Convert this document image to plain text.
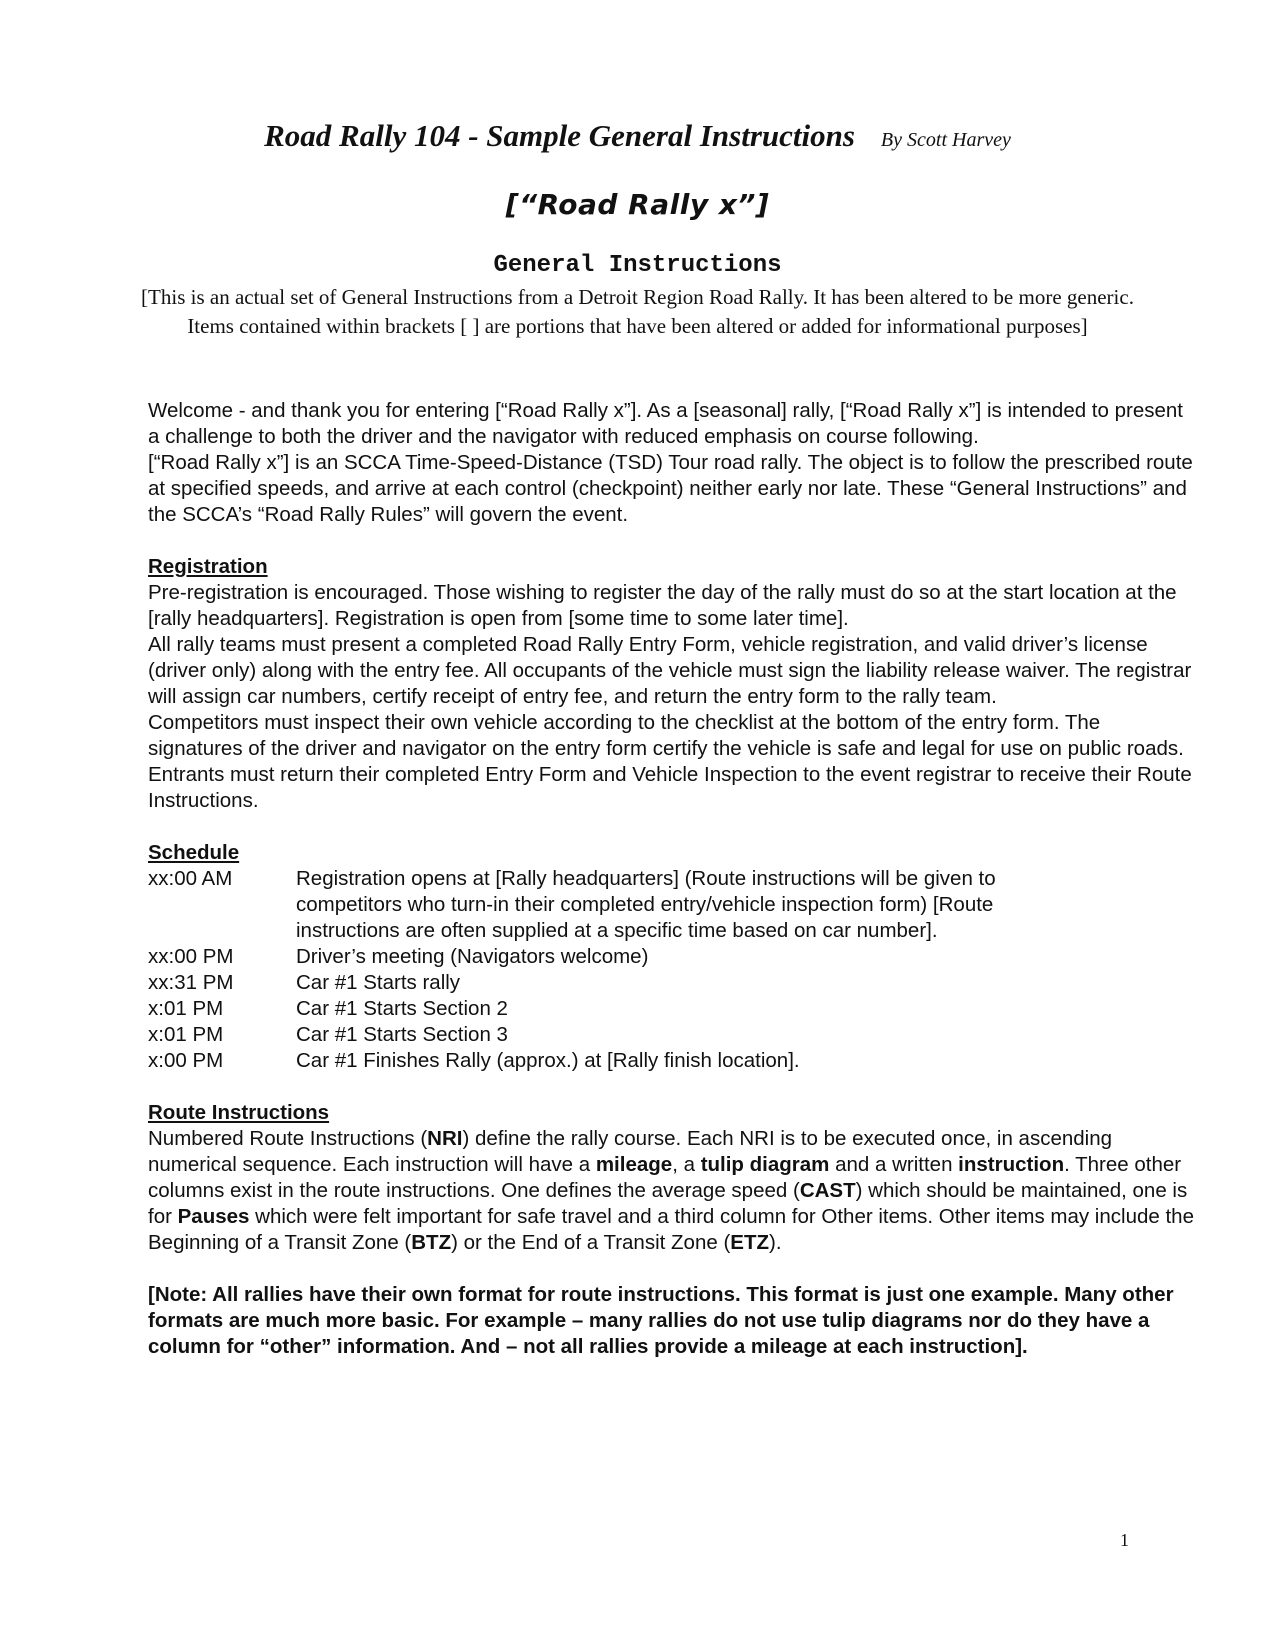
Road Rally 104 - Sample General Instructions By Scott Harvey
[“Road Rally x”]
General Instructions
[This is an actual set of General Instructions from a Detroit Region Road Rally. It has been altered to be more generic. Items contained within brackets [ ] are portions that have been altered or added for informational purposes]

Welcome - and thank you for entering [“Road Rally x”]. As a [seasonal] rally, [“Road Rally x”] is intended to present a challenge to both the driver and the navigator with reduced emphasis on course following.

[“Road Rally x”] is an SCCA Time-Speed-Distance (TSD) Tour road rally. The object is to follow the prescribed route at specified speeds, and arrive at each control (checkpoint) neither early nor late. These “General Instructions” and the SCCA’s “Road Rally Rules” will govern the event.

Registration

Pre-registration is encouraged. Those wishing to register the day of the rally must do so at the start location at the [rally headquarters]. Registration is open from [some time to some later time].

All rally teams must present a completed Road Rally Entry Form, vehicle registration, and valid driver’s license (driver only) along with the entry fee. All occupants of the vehicle must sign the liability release waiver. The registrar will assign car numbers, certify receipt of entry fee, and return the entry form to the rally team.

Competitors must inspect their own vehicle according to the checklist at the bottom of the entry form. The signatures of the driver and navigator on the entry form certify the vehicle is safe and legal for use on public roads. Entrants must return their completed Entry Form and Vehicle Inspection to the event registrar to receive their Route Instructions.

Schedule

xx:00 AM	Registration opens at [Rally headquarters] (Route instructions will be given to competitors who turn-in their completed entry/vehicle inspection form) [Route instructions are often supplied at a specific time based on car number].
xx:00 PM	Driver’s meeting (Navigators welcome)
xx:31 PM	Car #1 Starts rally
x:01 PM	Car #1 Starts Section 2
x:01 PM	Car #1 Starts Section 3
x:00 PM	Car #1 Finishes Rally (approx.) at [Rally finish location].

Route Instructions

Numbered Route Instructions (NRI) define the rally course. Each NRI is to be executed once, in ascending numerical sequence. Each instruction will have a mileage, a tulip diagram and a written instruction. Three other columns exist in the route instructions. One defines the average speed (CAST) which should be maintained, one is for Pauses which were felt important for safe travel and a third column for Other items. Other items may include the Beginning of a Transit Zone (BTZ) or the End of a Transit Zone (ETZ).

[Note: All rallies have their own format for route instructions. This format is just one example. Many other formats are much more basic. For example – many rallies do not use tulip diagrams nor do they have a column for “other” information. And – not all rallies provide a mileage at each instruction].

1
